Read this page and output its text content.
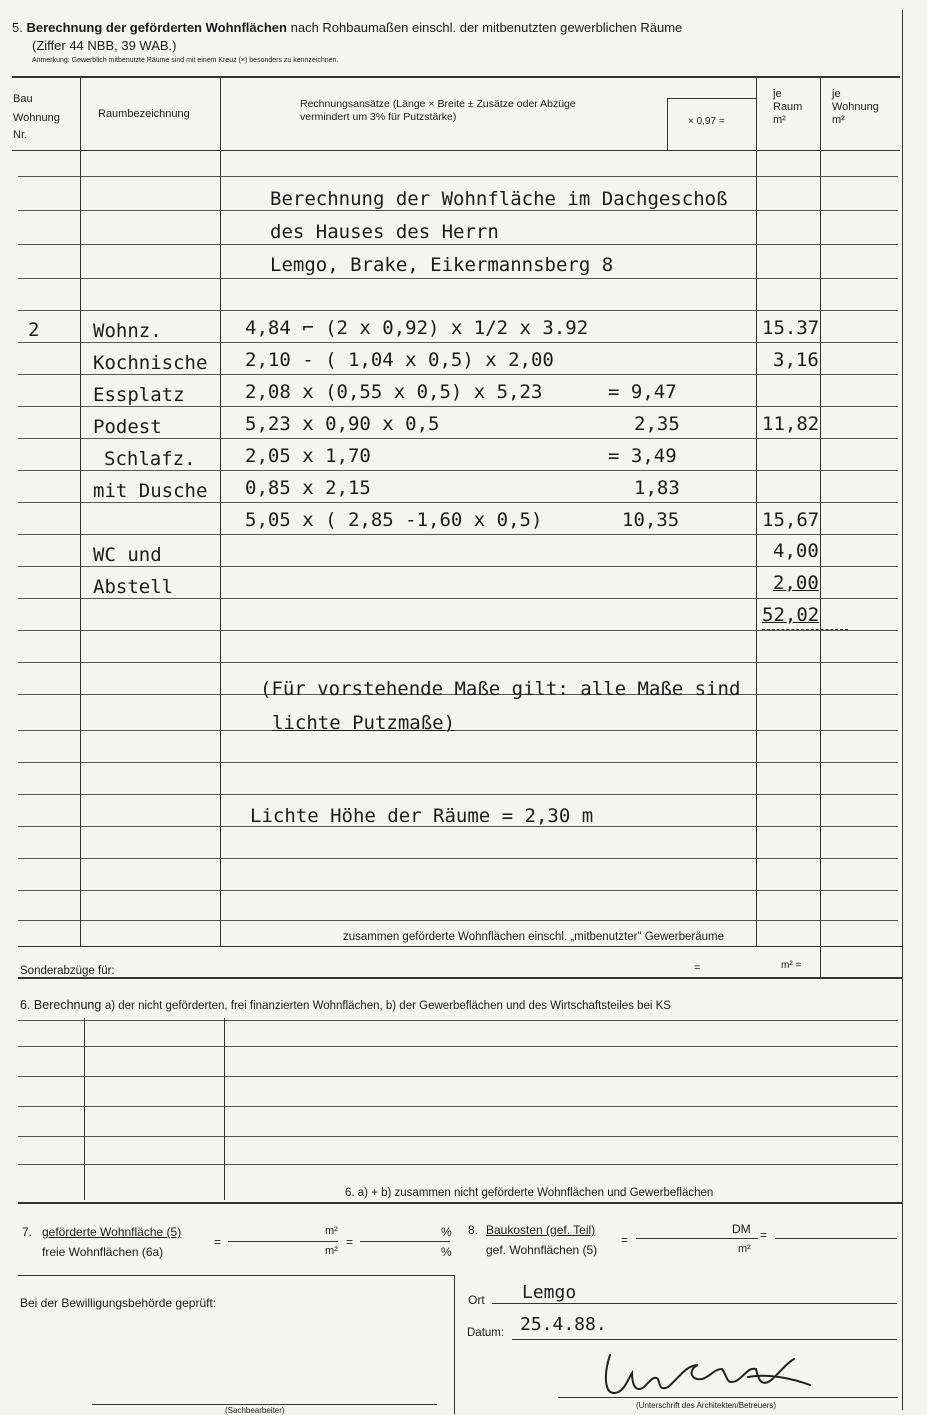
5. Berechnung der geförderten Wohnflächen nach Rohbaumaßen einschl. der mitbenutzten gewerblichen Räume
(Ziffer 44 NBB, 39 WAB.)
Anmerkung: Gewerblich mitbenutzte Räume sind mit einem Kreuz (×) besonders zu kennzeichnen.
Bau
Wohnung
Nr.
Raumbezeichnung
Rechnungsansätze (Länge × Breite ± Zusätze oder Abzüge
vermindert um 3% für Putzstärke)	× 0,97 =
je
Raum
m²
je
Wohnung
m²
Berechnung der Wohnfläche im Dachgeschoß
des Hauses des Herrn
Lemgo, Brake, Eikermannsberg 8
2	Wohnz.	4,84 ⌐ (2 x 0,92) x 1/2 x 3.92	15.37
Kochnische 2,10 - ( 1,04 x 0,5) x 2,00	3,16
Essplatz	2,08 x (0,55 x 0,5) x 5,23	= 9,47
Podest	5,23 x 0,90 x 0,5	2,35	11,82
Schlafz.	2,05 x 1,70	= 3,49
mit Dusche 0,85 x 2,15	1,83
5,05 x ( 2,85 -1,60 x 0,5)	10,35	15,67
WC und	4,00
Abstell	2,00
52,02
(Für vorstehende Maße gilt: alle Maße sind
lichte Putzmaße)
Lichte Höhe der Räume = 2,30 m
zusammen geförderte Wohnflächen einschl. „mitbenutzter" Gewerberäume
Sonderabzüge für:	=	m² =
6. Berechnung a) der nicht geförderten, frei finanzierten Wohnflächen, b) der Gewerbeflächen und des Wirtschaftsteiles bei KS
6. a) + b) zusammen nicht geförderte Wohnflächen und Gewerbeflächen
7. geförderte Wohnfläche (5)
freie Wohnflächen (6a)
=
m²
m²
=
%
%
8. Baukosten (gef. Teil)
gef. Wohnflächen (5)
=
DM
m²
=
Bei der Bewilligungsbehörde geprüft:
(Sachbearbeiter)
Ort Lemgo
Datum: 25.4.88.
(Unterschrift des Architekten/Betreuers)
